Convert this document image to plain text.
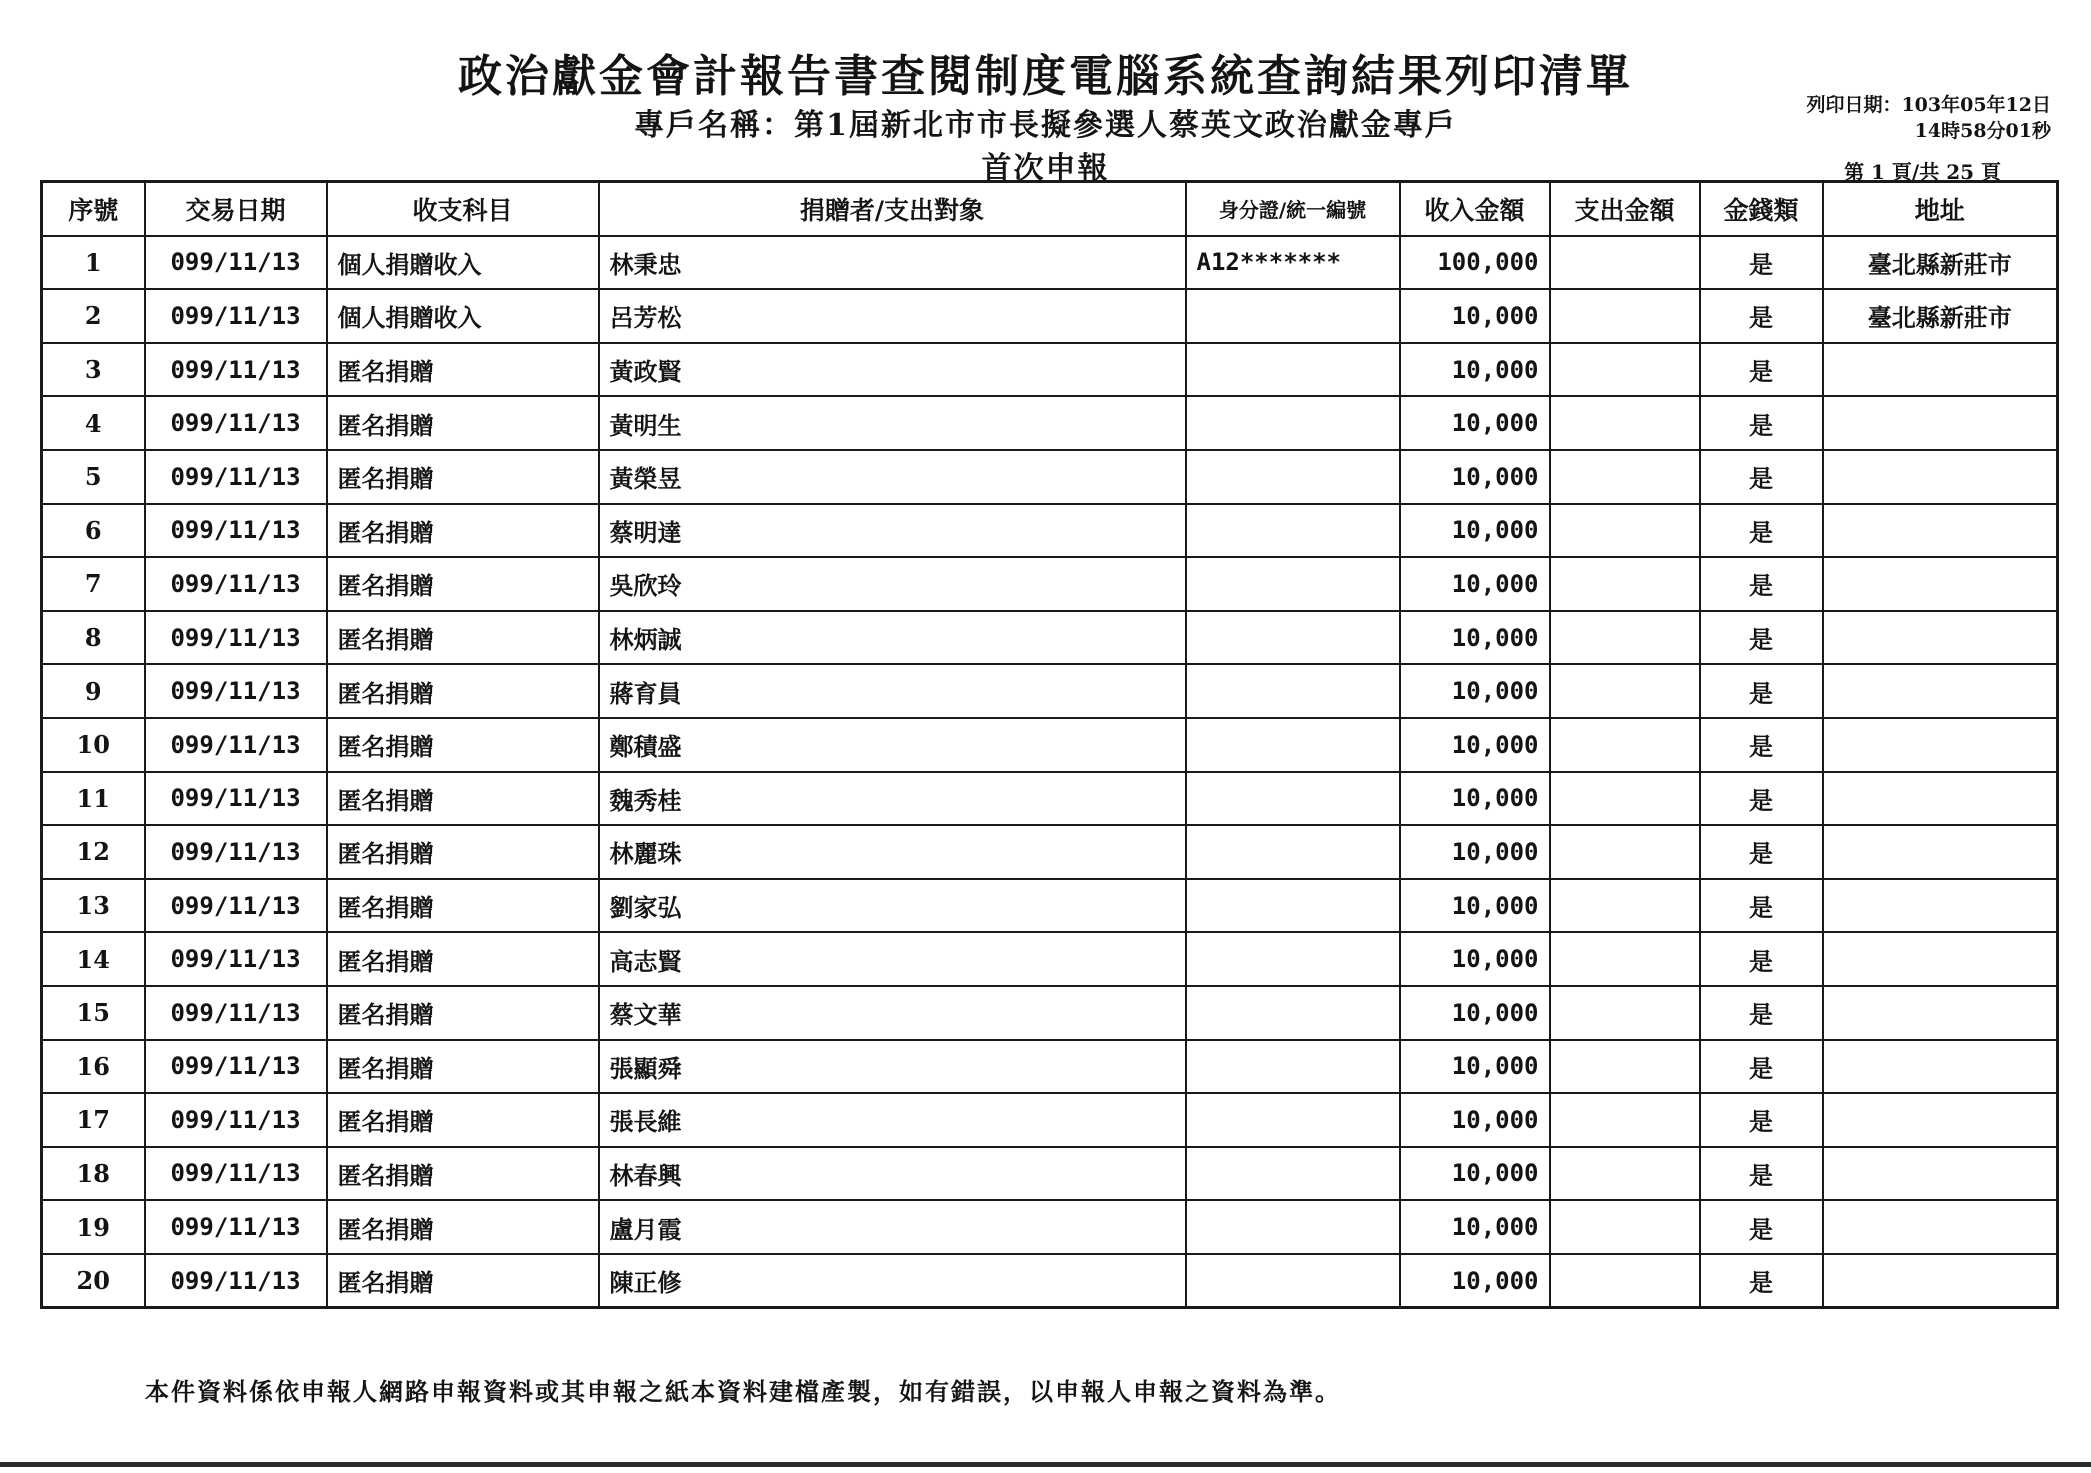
政治獻金會計報告書查閱制度電腦系統查詢結果列印清單
專戶名稱：第1屆新北市市長擬參選人蔡英文政治獻金專戶
首次申報
列印日期：103年05年12日
14時58分01秒
第 1 頁/共 25 頁
序號	交易日期	收支科目	捐贈者/支出對象	身分證/統一編號	收入金額	支出金額	金錢類	地址
1	099/11/13	個人捐贈收入	林秉忠	A12*******	100,000		是	臺北縣新莊市
2	099/11/13	個人捐贈收入	呂芳松		10,000		是	臺北縣新莊市
3	099/11/13	匿名捐贈	黃政賢		10,000		是	
4	099/11/13	匿名捐贈	黃明生		10,000		是	
5	099/11/13	匿名捐贈	黃榮昱		10,000		是	
6	099/11/13	匿名捐贈	蔡明達		10,000		是	
7	099/11/13	匿名捐贈	吳欣玲		10,000		是	
8	099/11/13	匿名捐贈	林炳誠		10,000		是	
9	099/11/13	匿名捐贈	蔣育員		10,000		是	
10	099/11/13	匿名捐贈	鄭積盛		10,000		是	
11	099/11/13	匿名捐贈	魏秀桂		10,000		是	
12	099/11/13	匿名捐贈	林麗珠		10,000		是	
13	099/11/13	匿名捐贈	劉家弘		10,000		是	
14	099/11/13	匿名捐贈	高志賢		10,000		是	
15	099/11/13	匿名捐贈	蔡文華		10,000		是	
16	099/11/13	匿名捐贈	張顯舜		10,000		是	
17	099/11/13	匿名捐贈	張長維		10,000		是	
18	099/11/13	匿名捐贈	林春興		10,000		是	
19	099/11/13	匿名捐贈	盧月霞		10,000		是	
20	099/11/13	匿名捐贈	陳正修		10,000		是	
本件資料係依申報人網路申報資料或其申報之紙本資料建檔產製，如有錯誤，以申報人申報之資料為準。
